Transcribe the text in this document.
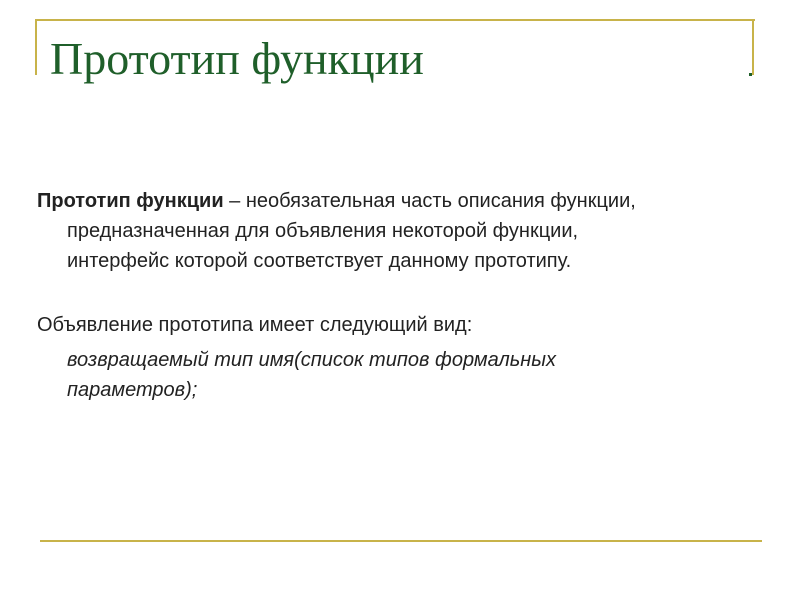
Прототип функции
Прототип функции – необязательная часть описания функции,
предназначенная для объявления некоторой функции,
интерфейс которой соответствует данному прототипу.
Объявление прототипа имеет следующий вид:
возвращаемый тип имя(список типов формальных
параметров);
